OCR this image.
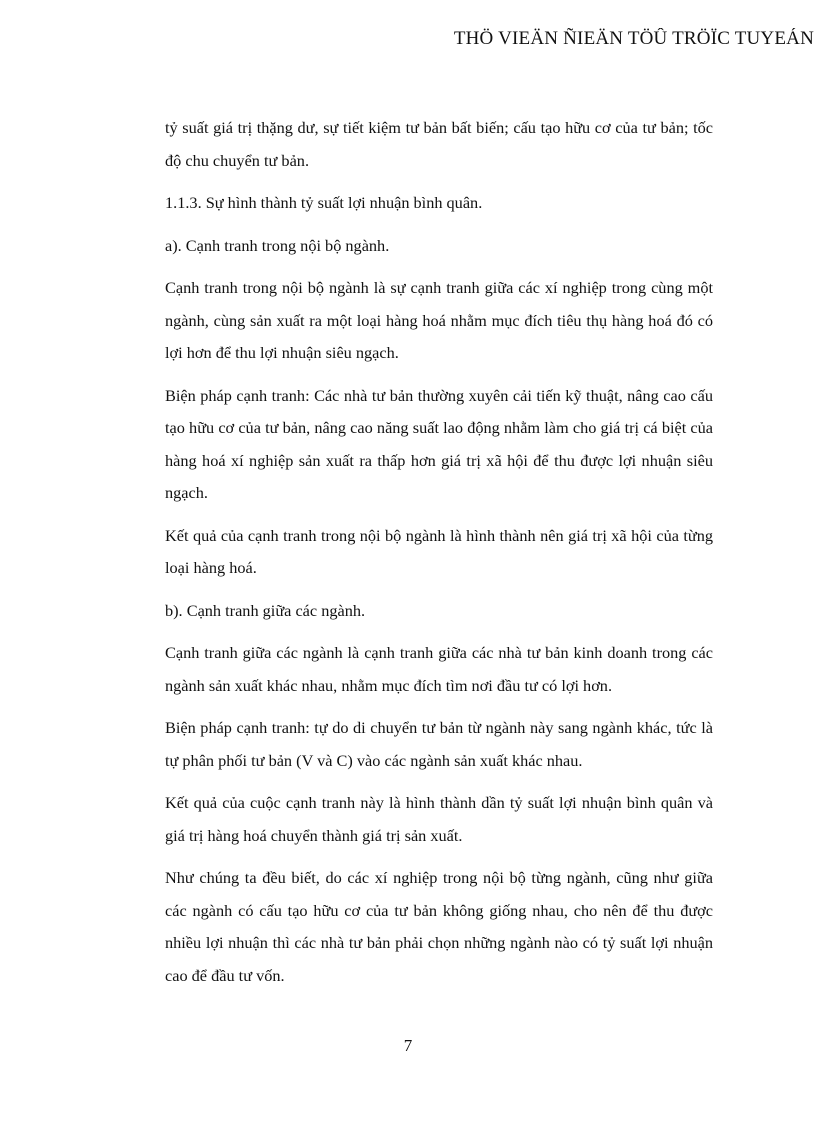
THÖ VIEÄN ÑIEÄN TÖÛ TRÖÏC TUYEÁN

tỷ suất giá trị thặng dư, sự tiết kiệm tư bản bất biến; cấu tạo hữu cơ của tư bản; tốc độ chu chuyển tư bản.

1.1.3. Sự hình thành tỷ suất lợi nhuận bình quân.

a). Cạnh tranh trong nội bộ ngành.

Cạnh tranh trong nội bộ ngành là sự cạnh tranh giữa các xí nghiệp trong cùng một ngành, cùng sản xuất ra một loại hàng hoá nhằm mục đích tiêu thụ hàng hoá đó có lợi hơn để thu lợi nhuận siêu ngạch.

Biện pháp cạnh tranh: Các nhà tư bản thường xuyên cải tiến kỹ thuật, nâng cao cấu tạo hữu cơ của tư bản, nâng cao năng suất lao động nhằm làm cho giá trị cá biệt của hàng hoá xí nghiệp sản xuất ra thấp hơn giá trị xã hội để thu được lợi nhuận siêu ngạch.

Kết quả của cạnh tranh trong nội bộ ngành là hình thành nên giá trị xã hội của từng loại hàng hoá.

b). Cạnh tranh giữa các ngành.

Cạnh tranh giữa các ngành là cạnh tranh giữa các nhà tư bản kinh doanh trong các ngành sản xuất khác nhau, nhằm mục đích tìm nơi đầu tư có lợi hơn.

Biện pháp cạnh tranh: tự do di chuyển tư bản từ ngành này sang ngành khác, tức là tự phân phối tư bản (V và C) vào các ngành sản xuất khác nhau.

Kết quả của cuộc cạnh tranh này là hình thành dần tỷ suất lợi nhuận bình quân và giá trị hàng hoá chuyển thành giá trị sản xuất.

Như chúng ta đều biết, do các xí nghiệp trong nội bộ từng ngành, cũng như giữa các ngành có cấu tạo hữu cơ của tư bản không giống nhau, cho nên để thu được nhiều lợi nhuận thì các nhà tư bản phải chọn những ngành nào có tỷ suất lợi nhuận cao để đầu tư vốn.

7
